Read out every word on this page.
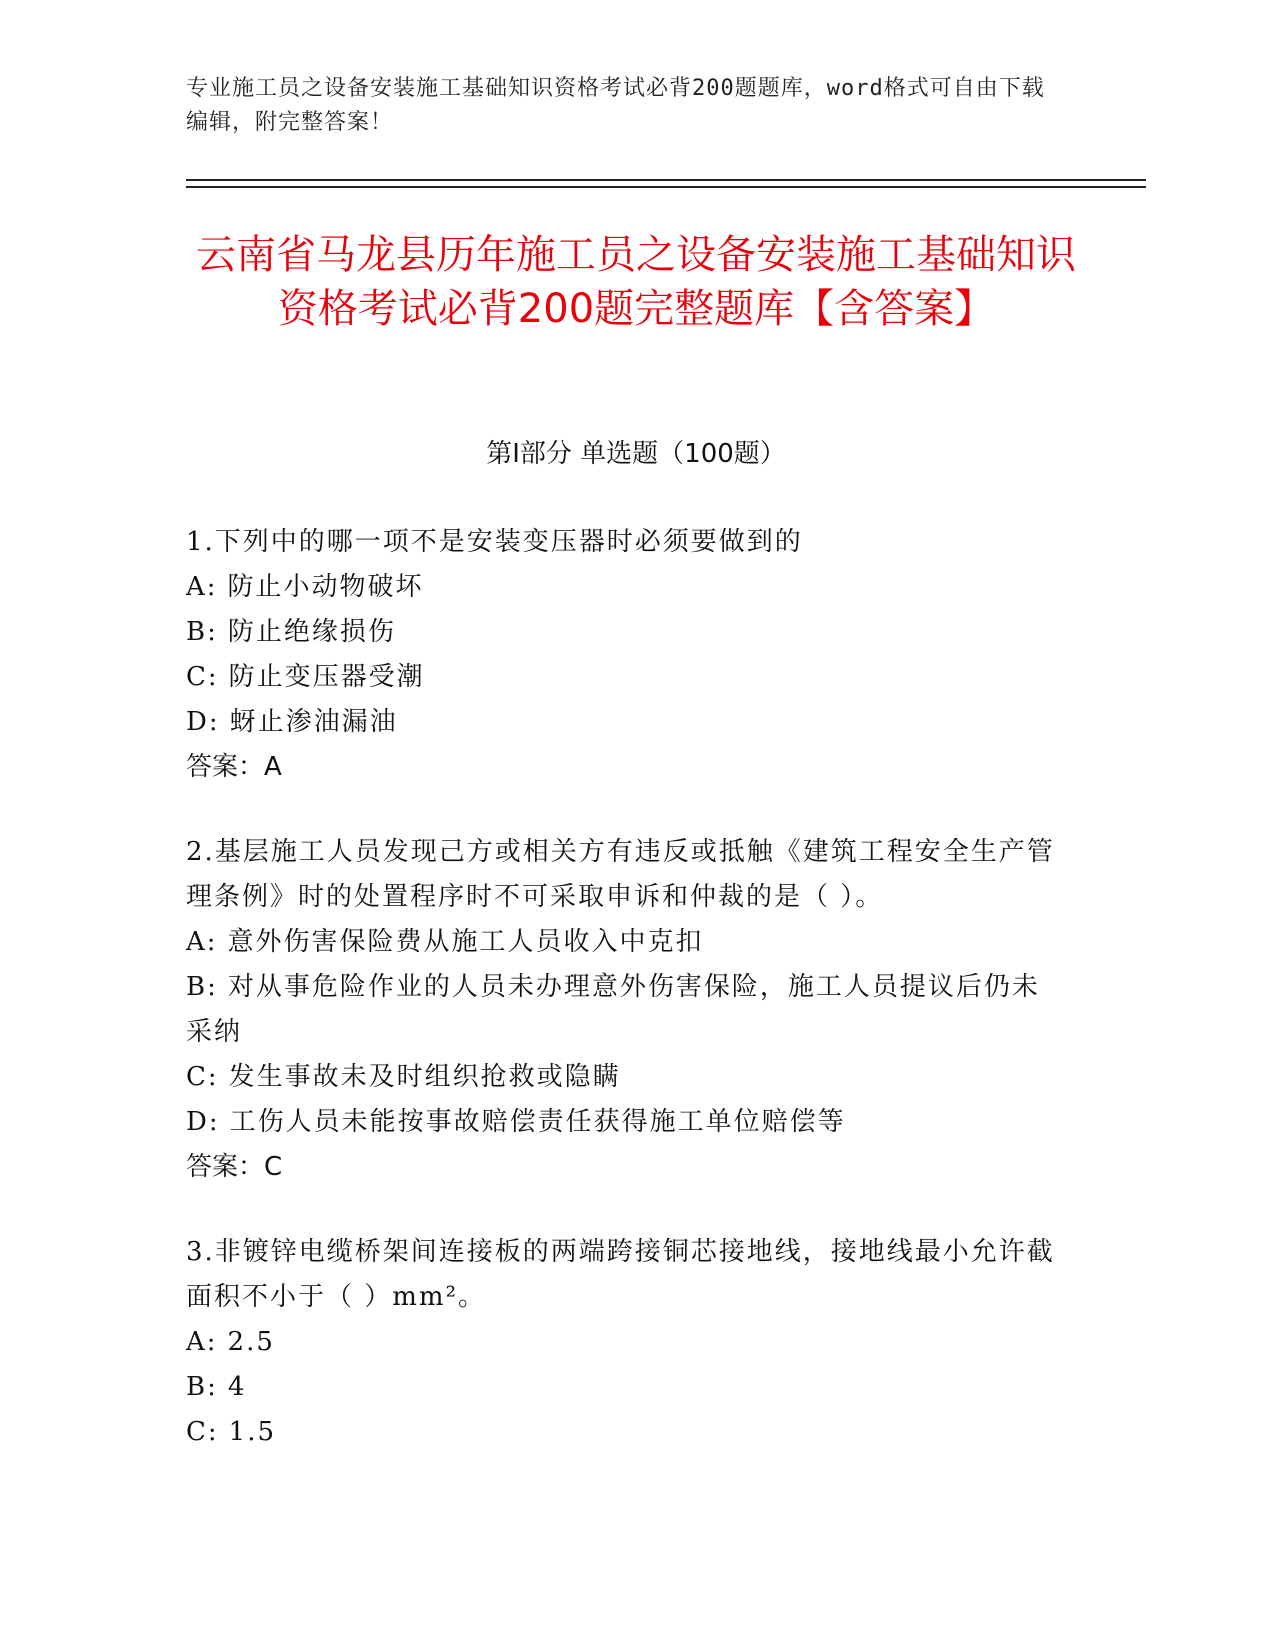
专业施工员之设备安装施工基础知识资格考试必背200题题库，word格式可自由下载编辑，附完整答案！
云南省马龙县历年施工员之设备安装施工基础知识资格考试必背200题完整题库【含答案】
第Ⅰ部分 单选题（100题）
1.下列中的哪一项不是安装变压器时必须要做到的
A: 防止小动物破坏
B: 防止绝缘损伤
C: 防止变压器受潮
D: 蚜止渗油漏油
答案：A
2.基层施工人员发现己方或相关方有违反或抵触《建筑工程安全生产管理条例》时的处置程序时不可采取申诉和仲裁的是（ ）。
A: 意外伤害保险费从施工人员收入中克扣
B: 对从事危险作业的人员未办理意外伤害保险，施工人员提议后仍未采纳
C: 发生事故未及时组织抢救或隐瞒
D: 工伤人员未能按事故赔偿责任获得施工单位赔偿等
答案：C
3.非镀锌电缆桥架间连接板的两端跨接铜芯接地线，接地线最小允许截面积不小于（ ）mm²。
A: 2.5
B: 4
C: 1.5
